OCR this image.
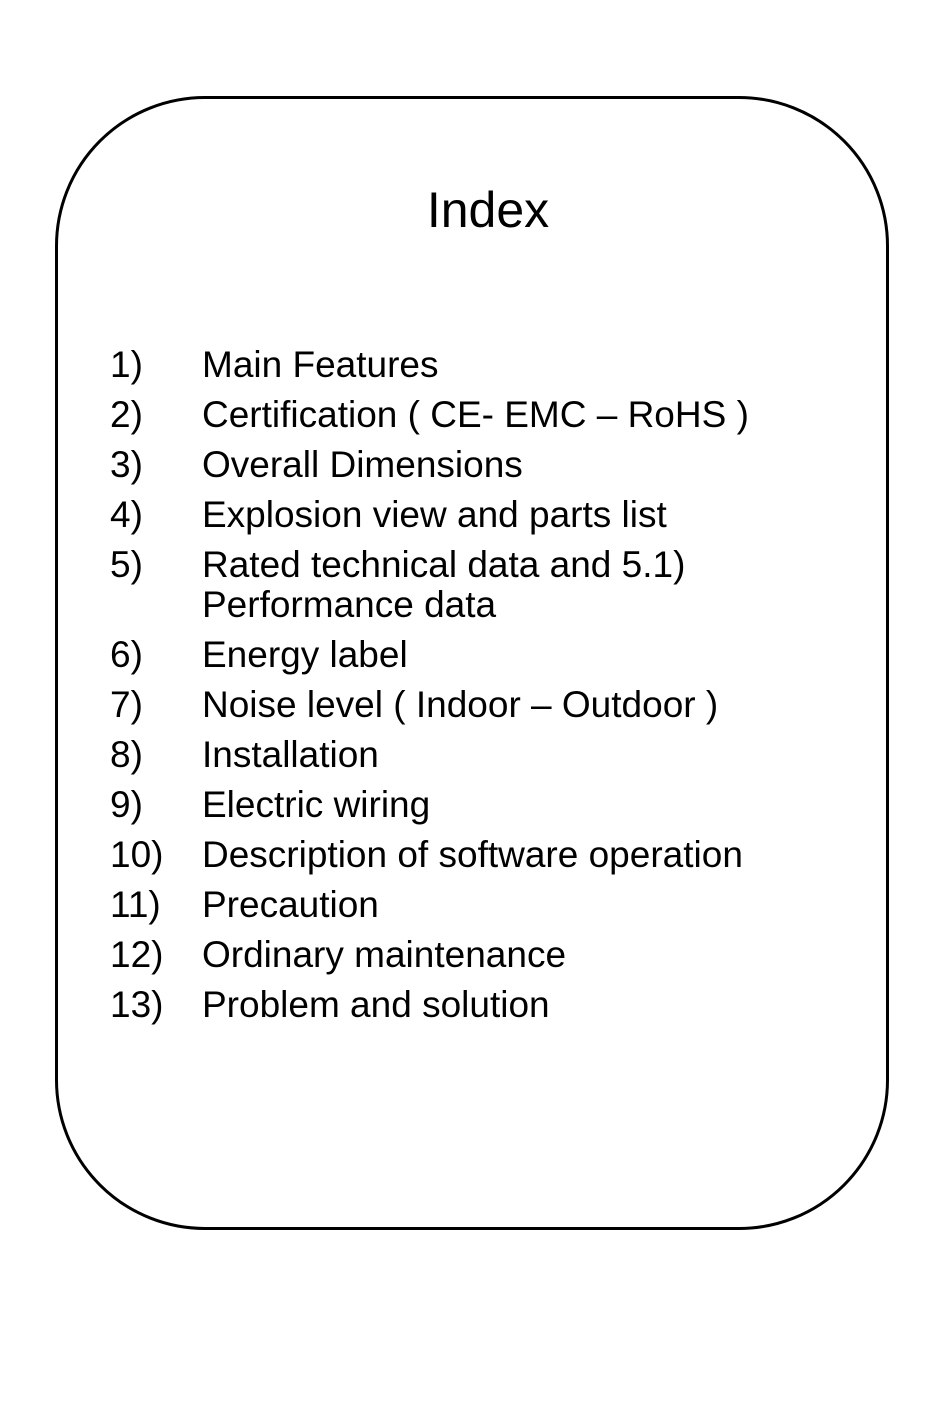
Index
1)	Main Features
2)	Certification ( CE- EMC – RoHS )
3)	Overall Dimensions
4)	Explosion view and parts list
5)	Rated technical data and 5.1) Performance data
6)	Energy label
7)	Noise level ( Indoor – Outdoor )
8)	Installation
9)	Electric wiring
10)	Description of software operation
11)	Precaution
12)	Ordinary maintenance
13)	Problem and solution
